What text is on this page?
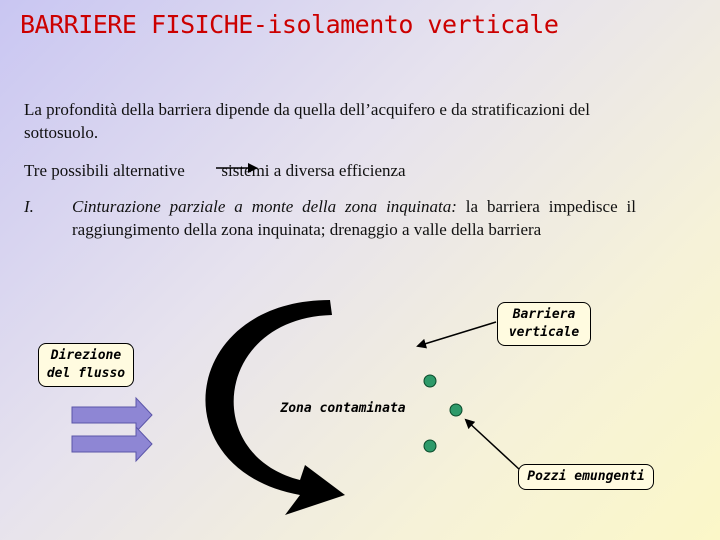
BARRIERE FISICHE-isolamento verticale

La profondità della barriera dipende da quella dell’acquifero e da stratificazioni del sottosuolo.

Tre possibili alternative sistemi a diversa efficienza

I. Cinturazione parziale a monte della zona inquinata: la barriera impedisce il raggiungimento della zona inquinata; drenaggio a valle della barriera
Barriera verticale
Direzione del flusso
Zona contaminata
Pozzi emungenti
